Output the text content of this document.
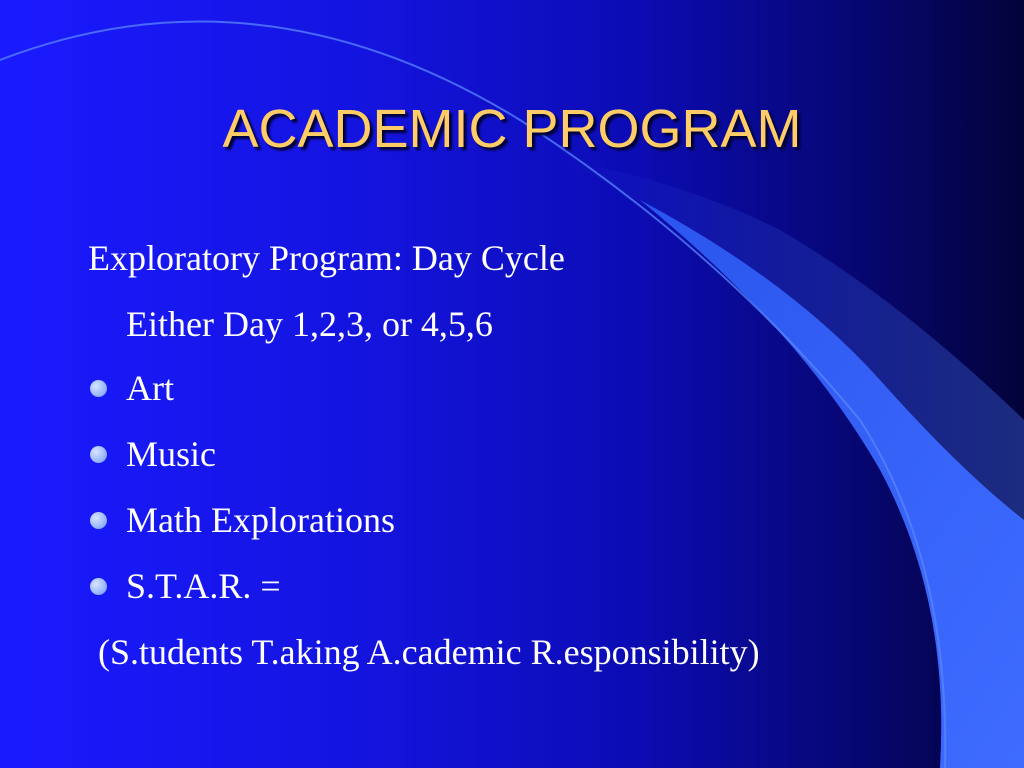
ACADEMIC PROGRAM
Exploratory Program: Day Cycle
Either Day 1,2,3, or 4,5,6
Art
Music
Math Explorations
S.T.A.R. =
(S.tudents T.aking A.cademic R.esponsibility)
